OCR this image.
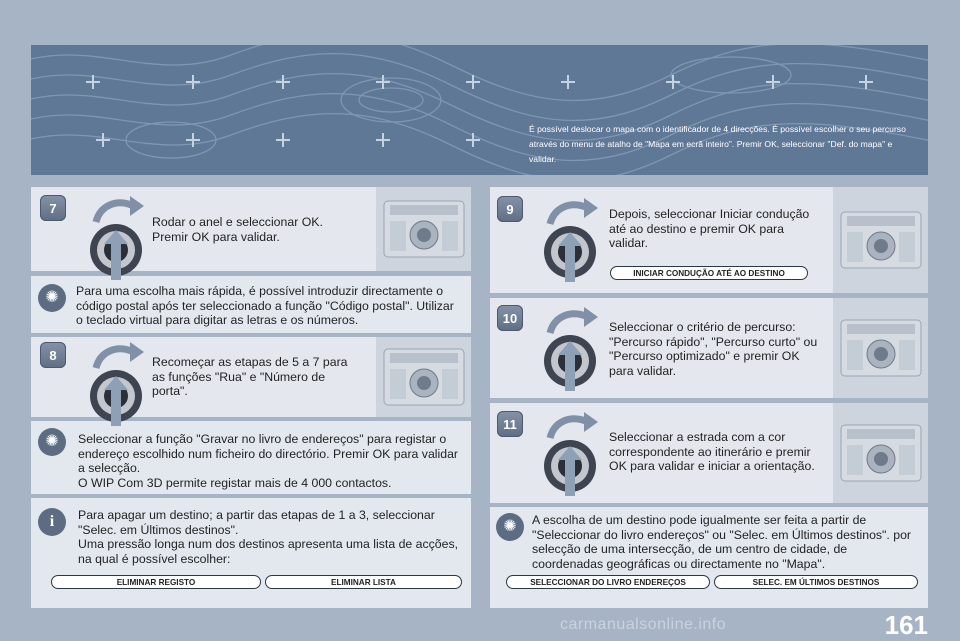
É possível deslocar o mapa com o identificador de 4 direcções. É possível escolher o seu percurso através do menu de atalho de "Mapa em ecrã inteiro". Premir OK, seleccionar "Def. do mapa" e validar.
7
Rodar o anel e seleccionar OK. Premir OK para validar.
✺ Para uma escolha mais rápida, é possível introduzir directamente o código postal após ter seleccionado a função "Código postal". Utilizar o teclado virtual para digitar as letras e os números.
8	Recomeçar as etapas de 5 a 7 para as funções "Rua" e "Número de porta".
✺ Seleccionar a função "Gravar no livro de endereços" para registar o endereço escolhido num ficheiro do directório. Premir OK para validar a selecção.
O WIP Com 3D permite registar mais de 4 000 contactos.
i Para apagar um destino; a partir das etapas de 1 a 3, seleccionar "Selec. em Últimos destinos".
Uma pressão longa num dos destinos apresenta uma lista de acções, na qual é possível escolher:
ELIMINAR REGISTO	ELIMINAR LISTA
9	Depois, seleccionar Iniciar condução até ao destino e premir OK para validar.
INICIAR CONDUÇÃO ATÉ AO DESTINO
10
Seleccionar o critério de percurso: "Percurso rápido", "Percurso curto" ou "Percurso optimizado" e premir OK para validar.
11
Seleccionar a estrada com a cor correspondente ao itinerário e premir OK para validar e iniciar a orientação.
✺ A escolha de um destino pode igualmente ser feita a partir de "Seleccionar do livro endereços" ou "Selec. em Últimos destinos". por selecção de uma intersecção, de um centro de cidade, de coordenadas geográficas ou directamente no "Mapa".
SELECCIONAR DO LIVRO ENDEREÇOS	SELEC. EM ÚLTIMOS DESTINOS
161
carmanualsonline.info
